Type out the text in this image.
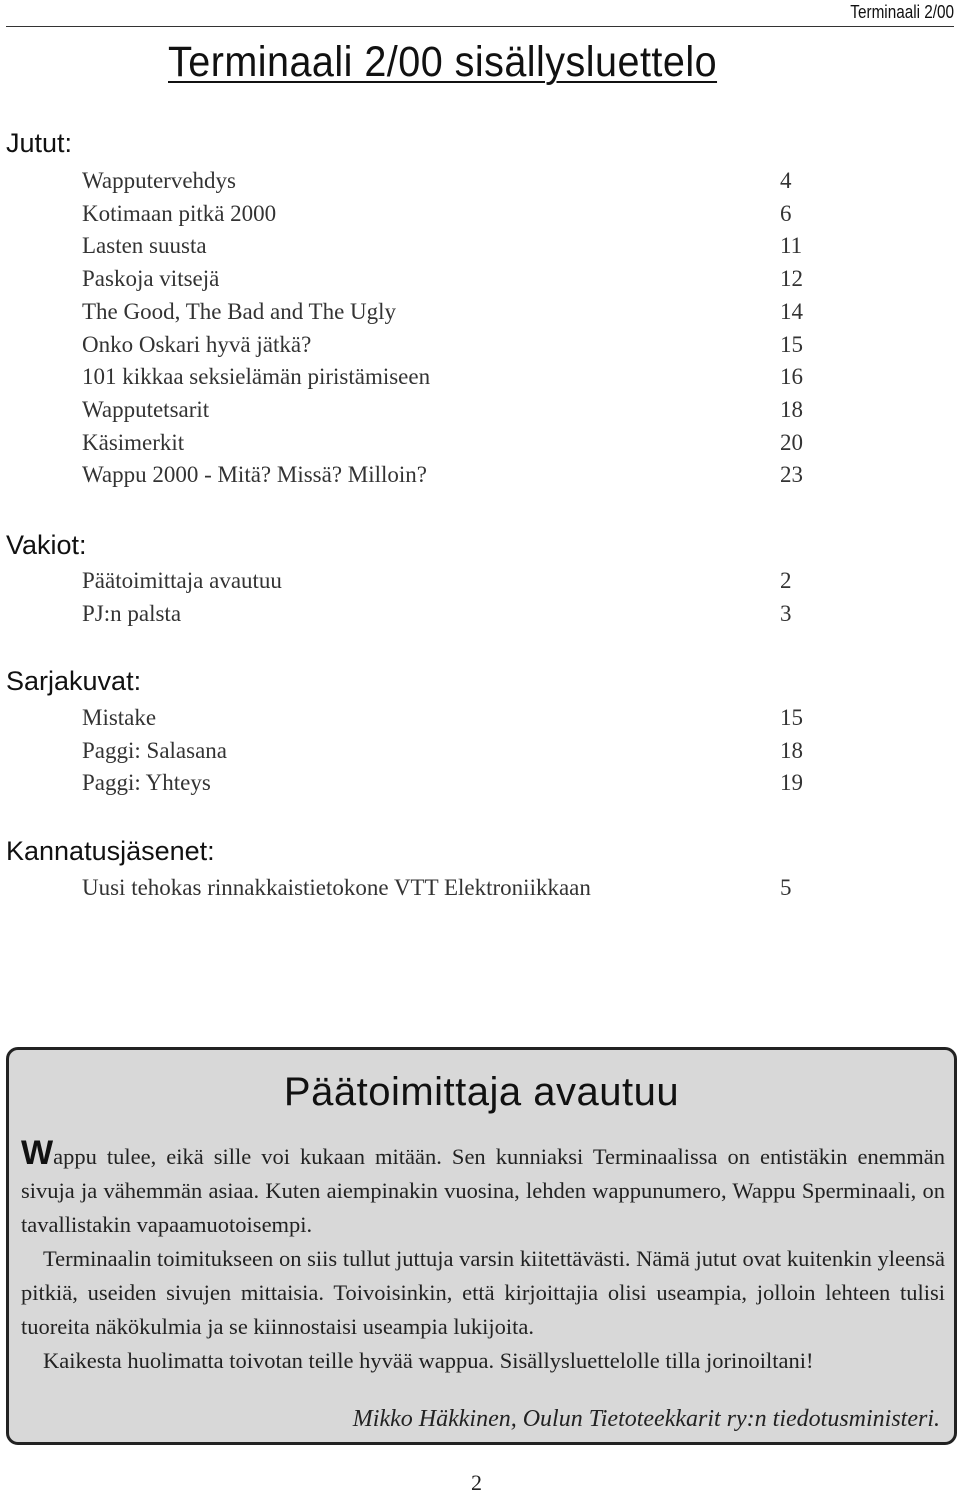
Terminaali 2/00
Terminaali 2/00 sisällysluettelo
Jutut:
Wapputervehdys	4
Kotimaan pitkä 2000	6
Lasten suusta	11
Paskoja vitsejä	12
The Good, The Bad and The Ugly	14
Onko Oskari hyvä jätkä?	15
101 kikkaa seksielämän piristämiseen	16
Wapputetsarit	18
Käsimerkit	20
Wappu 2000 - Mitä? Missä? Milloin?	23
Vakiot:
Päätoimittaja avautuu	2
PJ:n palsta	3
Sarjakuvat:
Mistake	15
Paggi: Salasana	18
Paggi: Yhteys	19
Kannatusjäsenet:
Uusi tehokas rinnakkaistietokone VTT Elektroniikkaan	5
Päätoimittaja avautuu

Wappu tulee, eikä sille voi kukaan mitään. Sen kunniaksi Terminaalissa on entistäkin enemmän sivuja ja vähemmän asiaa. Kuten aiempinakin vuosina, lehden wappunumero, Wappu Sperminaali, on tavallistakin vapaamuotoisempi.

Terminaalin toimitukseen on siis tullut juttuja varsin kiitettävästi. Nämä jutut ovat kuitenkin yleensä pitkiä, useiden sivujen mittaisia. Toivoisinkin, että kirjoittajia olisi useampia, jolloin lehteen tulisi tuoreita näkökulmia ja se kiinnostaisi useampia lukijoita.

Kaikesta huolimatta toivotan teille hyvää wappua. Sisällysluettelolle tilla jorinoiltani!

Mikko Häkkinen, Oulun Tietoteekkarit ry:n tiedotusministeri.
2
